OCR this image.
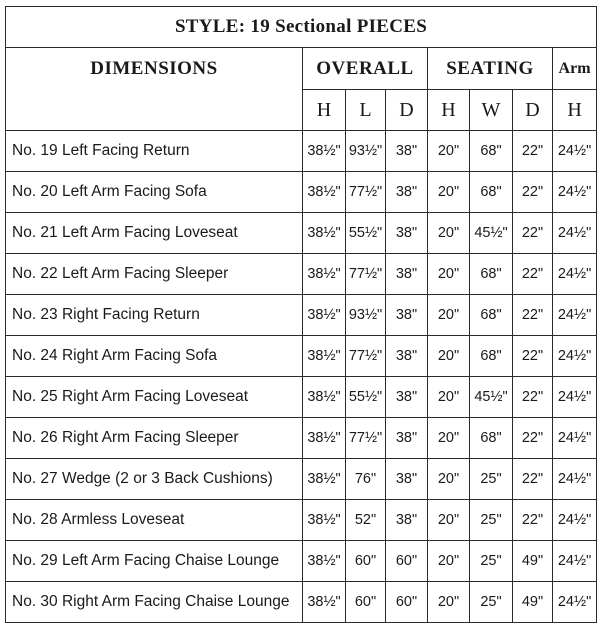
STYLE: 19 Sectional PIECES							
DIMENSIONS	OVERALL			SEATING			Arm
	H	L	D	H	W	D	H
No. 19 Left Facing Return	38½"	93½"	38"	20"	68"	22"	24½"
No. 20 Left Arm Facing Sofa	38½"	77½"	38"	20"	68"	22"	24½"
No. 21 Left Arm Facing Loveseat	38½"	55½"	38"	20"	45½"	22"	24½"
No. 22 Left Arm Facing Sleeper	38½"	77½"	38"	20"	68"	22"	24½"
No. 23 Right Facing Return	38½"	93½"	38"	20"	68"	22"	24½"
No. 24 Right Arm Facing Sofa	38½"	77½"	38"	20"	68"	22"	24½"
No. 25 Right Arm Facing Loveseat	38½"	55½"	38"	20"	45½"	22"	24½"
No. 26 Right Arm Facing Sleeper	38½"	77½"	38"	20"	68"	22"	24½"
No. 27 Wedge (2 or 3 Back Cushions)	38½"	76"	38"	20"	25"	22"	24½"
No. 28 Armless Loveseat	38½"	52"	38"	20"	25"	22"	24½"
No. 29 Left Arm Facing Chaise Lounge	38½"	60"	60"	20"	25"	49"	24½"
No. 30 Right Arm Facing Chaise Lounge	38½"	60"	60"	20"	25"	49"	24½"
